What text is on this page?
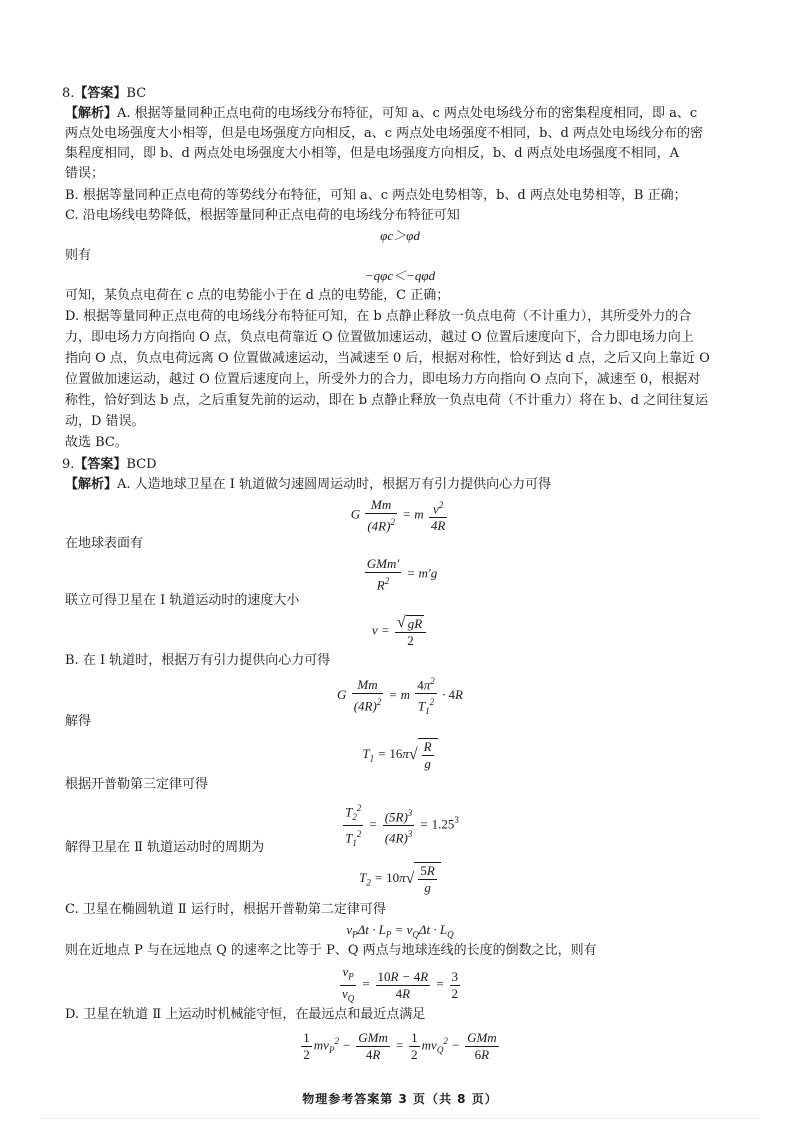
8.【答案】BC
【解析】A. 根据等量同种正点电荷的电场线分布特征，可知 a、c 两点处电场线分布的密集程度相同，即 a、c
两点处电场强度大小相等，但是电场强度方向相反，a、c 两点处电场强度不相同，b、d 两点处电场线分布的密
集程度相同，即 b、d 两点处电场强度大小相等，但是电场强度方向相反，b、d 两点处电场强度不相同，A
错误；
B. 根据等量同种正点电荷的等势线分布特征，可知 a、c 两点处电势相等，b、d 两点处电势相等，B 正确；
C. 沿电场线电势降低，根据等量同种正点电荷的电场线分布特征可知
φc＞φd
则有
−qφc＜−qφd
可知，某负点电荷在 c 点的电势能小于在 d 点的电势能，C 正确；
D. 根据等量同种正点电荷的电场线分布特征可知，在 b 点静止释放一负点电荷（不计重力），其所受外力的合
力，即电场力方向指向 O 点，负点电荷靠近 O 位置做加速运动，越过 O 位置后速度向下，合力即电场力向上
指向 O 点，负点电荷远离 O 位置做减速运动，当减速至 0 后，根据对称性，恰好到达 d 点，之后又向上靠近 O
位置做加速运动，越过 O 位置后速度向上，所受外力的合力，即电场力方向指向 O 点向下，减速至 0，根据对
称性，恰好到达 b 点，之后重复先前的运动，即在 b 点静止释放一负点电荷（不计重力）将在 b、d 之间往复运
动，D 错误。
故选 BC。
9.【答案】BCD
【解析】A. 人造地球卫星在 Ⅰ 轨道做匀速圆周运动时，根据万有引力提供向心力可得
G $\frac{Mm}{(4R)^2} = m \frac{v^2}{4R}$
在地球表面有
$\frac{\text{GMm′}}{R^2} = m'g$
联立可得卫星在 Ⅰ 轨道运动时的速度大小
$v = \frac{√ gR}{2}$
B. 在 Ⅰ 轨道时，根据万有引力提供向心力可得
G $\frac{Mm}{(4R)^2} = m \frac{4\pi^2}{T_1^2} \cdot 4R$
解得
$T_1 = 16\pi√ \frac{R}{g}$
根据开普勒第三定律可得
$\frac{T_2^2}{T_1^2} = \frac{(5R)^3}{(4R)^3} = 1.25^3$
解得卫星在 Ⅱ 轨道运动时的周期为
$T_2 = 10\pi√ \frac{5R}{g}$
C. 卫星在椭圆轨道 Ⅱ 运行时，根据开普勒第二定律可得
$v_P\Delta t \cdot L_P = v_Q\Delta t \cdot L_Q$
则在近地点 P 与在远地点 Q 的速率之比等于 P、Q 两点与地球连线的长度的倒数之比，则有
$\frac{v_P}{v_Q} = \frac{10R - 4R}{4R} = \frac{3}{2}$
D. 卫星在轨道 Ⅱ 上运动时机械能守恒，在最远点和最近点满足
$\frac{1}{2} mv_P^2 - \frac{\text{GMm}}{4R} = \frac{1}{2} mv_Q^2 - \frac{\text{GMm}}{6R}$
物理参考答案第 3 页（共 8 页）
